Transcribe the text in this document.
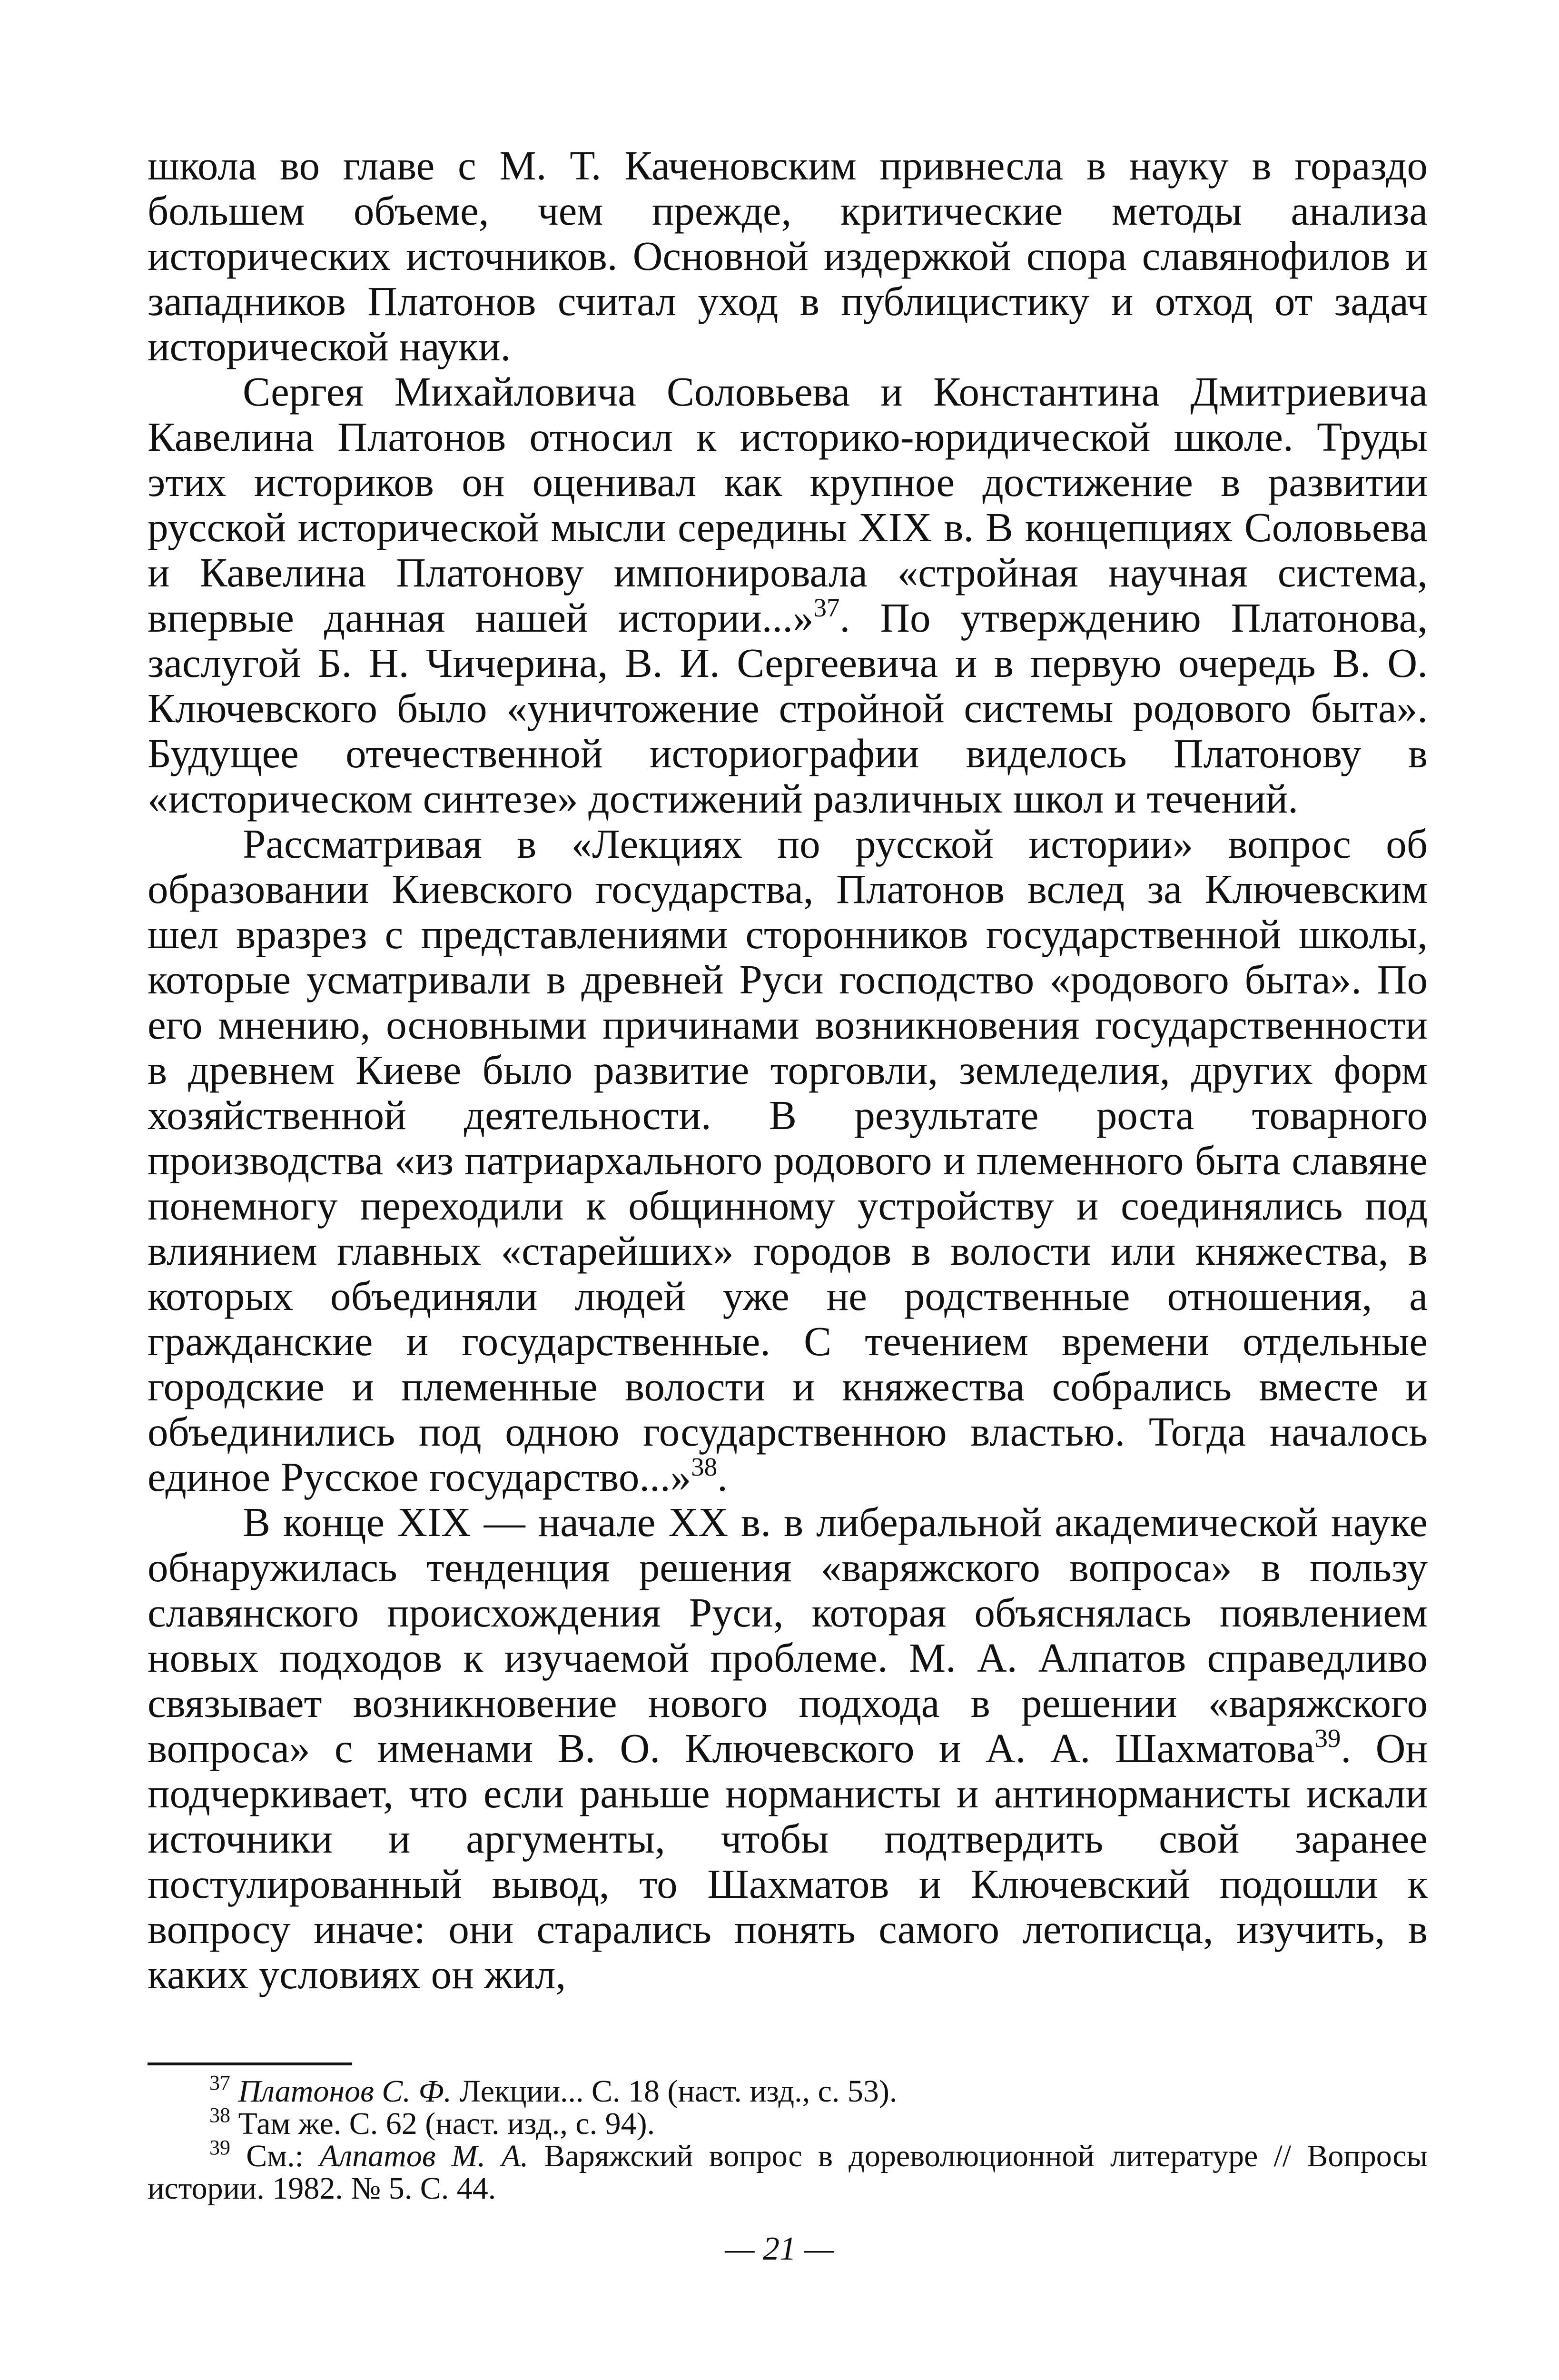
школа во главе с М. Т. Каченовским привнесла в науку в гораздо большем объеме, чем прежде, критические методы анализа исторических источников. Основной издержкой спора славянофилов и западников Платонов считал уход в публицистику и отход от задач исторической науки.

Сергея Михайловича Соловьева и Константина Дмитриевича Кавелина Платонов относил к историко-юридической школе. Труды этих историков он оценивал как крупное достижение в развитии русской исторической мысли середины XIX в. В концепциях Соловьева и Кавелина Платонову импонировала «стройная научная система, впервые данная нашей истории...»$^{37}$. По утверждению Платонова, заслугой Б. Н. Чичерина, В. И. Сергеевича и в первую очередь В. О. Ключевского было «уничтожение стройной системы родового быта». Будущее отечественной историографии виделось Платонову в «историческом синтезе» достижений различных школ и течений.

Рассматривая в «Лекциях по русской истории» вопрос об образовании Киевского государства, Платонов вслед за Ключевским шел вразрез с представлениями сторонников государственной школы, которые усматривали в древней Руси господство «родового быта». По его мнению, основными причинами возникновения государственности в древнем Киеве было развитие торговли, земледелия, других форм хозяйственной деятельности. В результате роста товарного производства «из патриархального родового и племенного быта славяне понемногу переходили к общинному устройству и соединялись под влиянием главных «старейших» городов в волости или княжества, в которых объединяли людей уже не родственные отношения, а гражданские и государственные. С течением времени отдельные городские и племенные волости и княжества собрались вместе и объединились под одною государственною властью. Тогда началось единое Русское государство...»$^{38}$.

В конце XIX — начале XX в. в либеральной академической науке обнаружилась тенденция решения «варяжского вопроса» в пользу славянского происхождения Руси, которая объяснялась появлением новых подходов к изучаемой проблеме. М. А. Алпатов справедливо связывает возникновение нового подхода в решении «варяжского вопроса» с именами В. О. Ключевского и А. А. Шахматова$^{39}$. Он подчеркивает, что если раньше норманисты и антинорманисты искали источники и аргументы, чтобы подтвердить свой заранее постулированный вывод, то Шахматов и Ключевский подошли к вопросу иначе: они старались понять самого летописца, изучить, в каких условиях он жил,

$^{37}$ Платонов С. Ф. Лекции... С. 18 (наст. изд., с. 53).

$^{38}$ Там же. С. 62 (наст. изд., с. 94).

$^{39}$ См.: Алпатов М. А. Варяжский вопрос в дореволюционной литературе // Вопросы истории. 1982. № 5. С. 44.

— 21 —
